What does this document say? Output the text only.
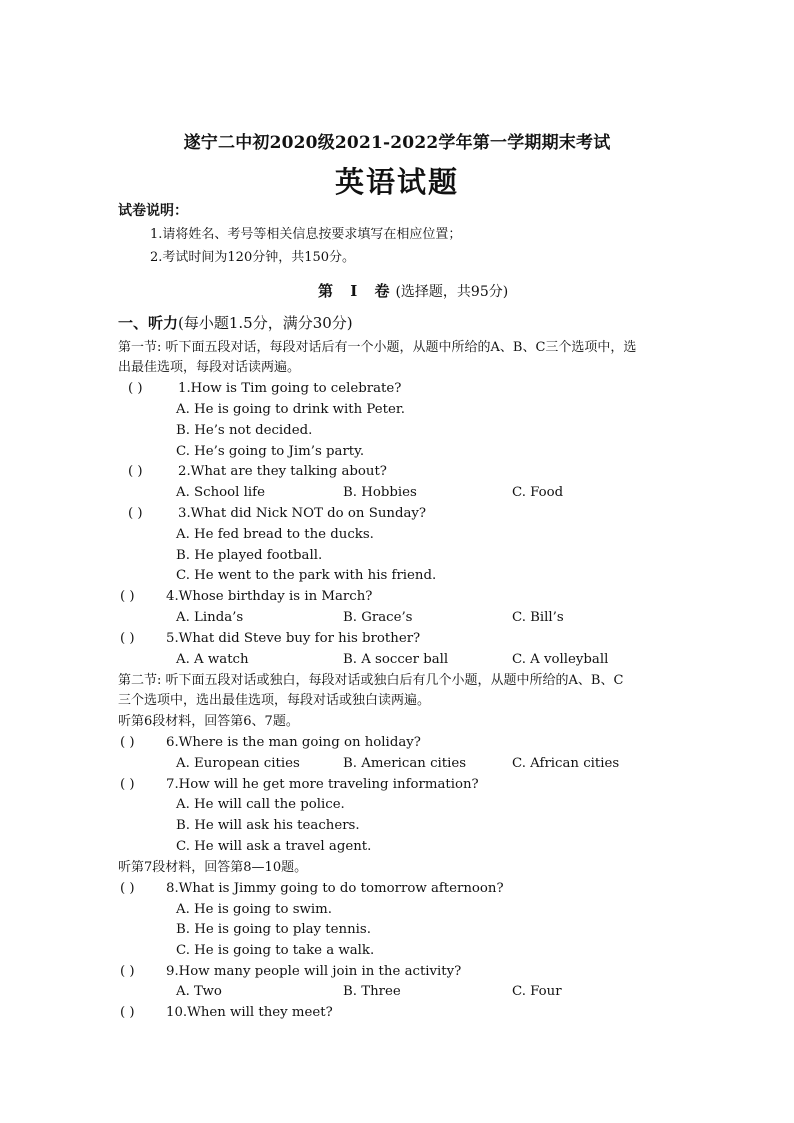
遂宁二中初2020级2021-2022学年第一学期期末考试
英语试题
试卷说明：
1.请将姓名、考号等相关信息按要求填写在相应位置；
2.考试时间为120分钟，共150分。
第 Ⅰ 卷(选择题，共95分)
一、听力(每小题1.5分，满分30分)
第一节: 听下面五段对话，每段对话后有一个小题，从题中所给的A、B、C三个选项中，选
出最佳选项，每段对话读两遍。
( )	1.How is Tim going to celebrate?
A. He is going to drink with Peter.
B. He’s not decided.
C. He’s going to Jim’s party.
( )	2.What are they talking about?
A. School life	B. Hobbies	C. Food
( )	3.What did Nick NOT do on Sunday?
A. He fed bread to the ducks.
B. He played football.
C. He went to the park with his friend.
( ) 4.Whose birthday is in March?
A. Linda’s	B. Grace’s	C. Bill’s
( ) 5.What did Steve buy for his brother?
A. A watch	B. A soccer ball	C. A volleyball
第二节: 听下面五段对话或独白，每段对话或独白后有几个小题，从题中所给的A、B、C
三个选项中，选出最佳选项，每段对话或独白读两遍。
听第6段材料，回答第6、7题。
( ) 6.Where is the man going on holiday?
A. European cities	B. American cities	C. African cities
( ) 7.How will he get more traveling information?
A. He will call the police.
B. He will ask his teachers.
C. He will ask a travel agent.
听第7段材料，回答第8—10题。
( ) 8.What is Jimmy going to do tomorrow afternoon?
A. He is going to swim.
B. He is going to play tennis.
C. He is going to take a walk.
( ) 9.How many people will join in the activity?
A. Two	B. Three	C. Four
( ) 10.When will they meet?
